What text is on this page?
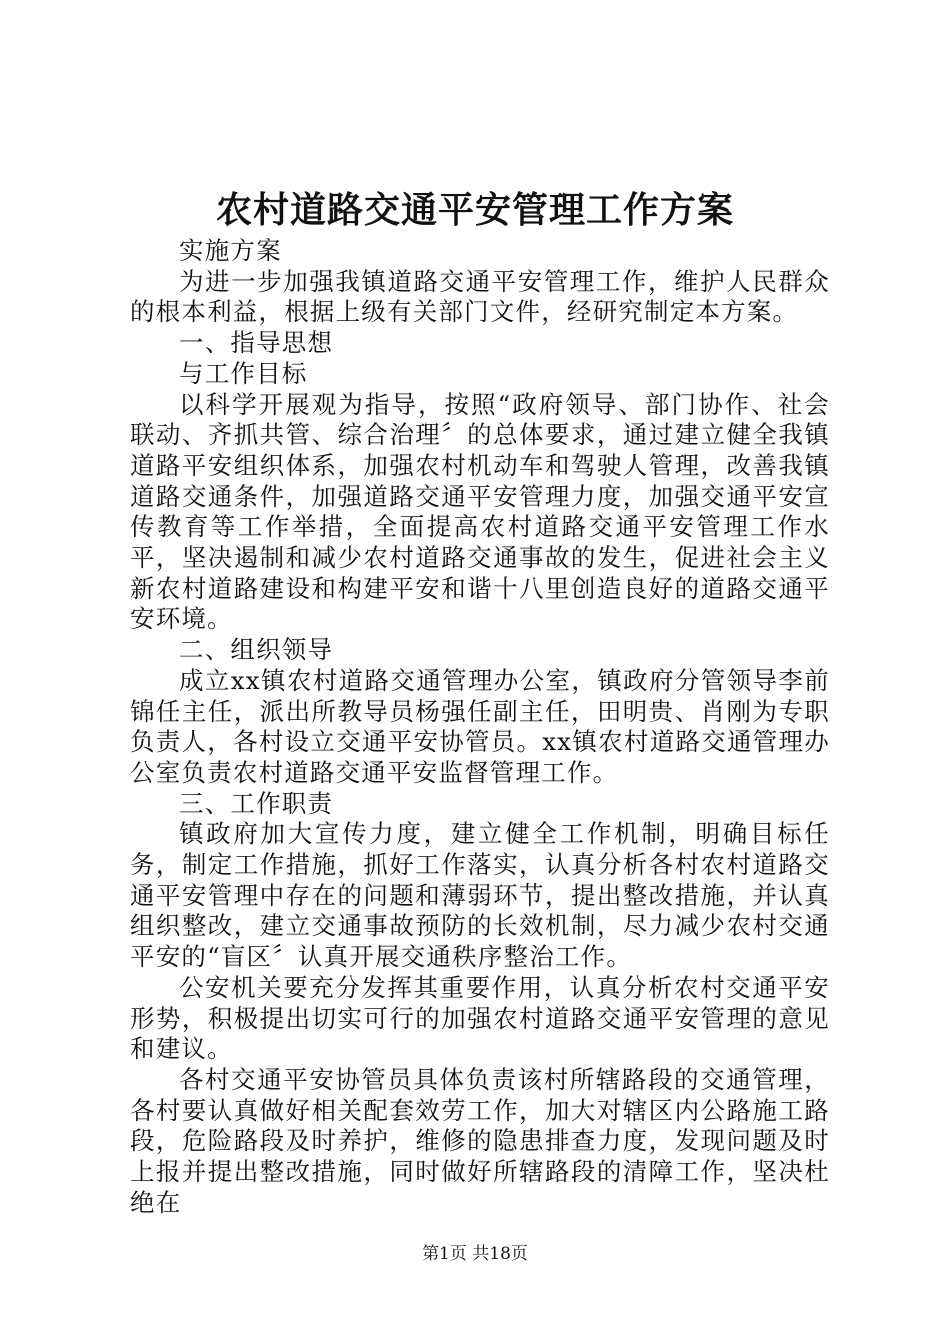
农村道路交通平安管理工作方案

实施方案

为进一步加强我镇道路交通平安管理工作，维护人民群众的根本利益，根据上级有关部门文件，经研究制定本方案。

一、指导思想

与工作目标

以科学开展观为指导，按照“政府领导、部门协作、社会联动、齐抓共管、综合治理〞的总体要求，通过建立健全我镇道路平安组织体系，加强农村机动车和驾驶人管理，改善我镇道路交通条件，加强道路交通平安管理力度，加强交通平安宣传教育等工作举措，全面提高农村道路交通平安管理工作水平，坚决遏制和减少农村道路交通事故的发生，促进社会主义新农村道路建设和构建平安和谐十八里创造良好的道路交通平安环境。

二、组织领导

成立xx镇农村道路交通管理办公室，镇政府分管领导李前锦任主任，派出所教导员杨强任副主任，田明贵、肖刚为专职负责人，各村设立交通平安协管员。xx镇农村道路交通管理办公室负责农村道路交通平安监督管理工作。

三、工作职责

镇政府加大宣传力度，建立健全工作机制，明确目标任务，制定工作措施，抓好工作落实，认真分析各村农村道路交通平安管理中存在的问题和薄弱环节，提出整改措施，并认真组织整改，建立交通事故预防的长效机制，尽力减少农村交通平安的“盲区〞认真开展交通秩序整治工作。

公安机关要充分发挥其重要作用，认真分析农村交通平安形势，积极提出切实可行的加强农村道路交通平安管理的意见和建议。

各村交通平安协管员具体负责该村所辖路段的交通管理，各村要认真做好相关配套效劳工作，加大对辖区内公路施工路段，危险路段及时养护，维修的隐患排查力度，发现问题及时上报并提出整改措施，同时做好所辖路段的清障工作，坚决杜绝在

第1页 共18页
